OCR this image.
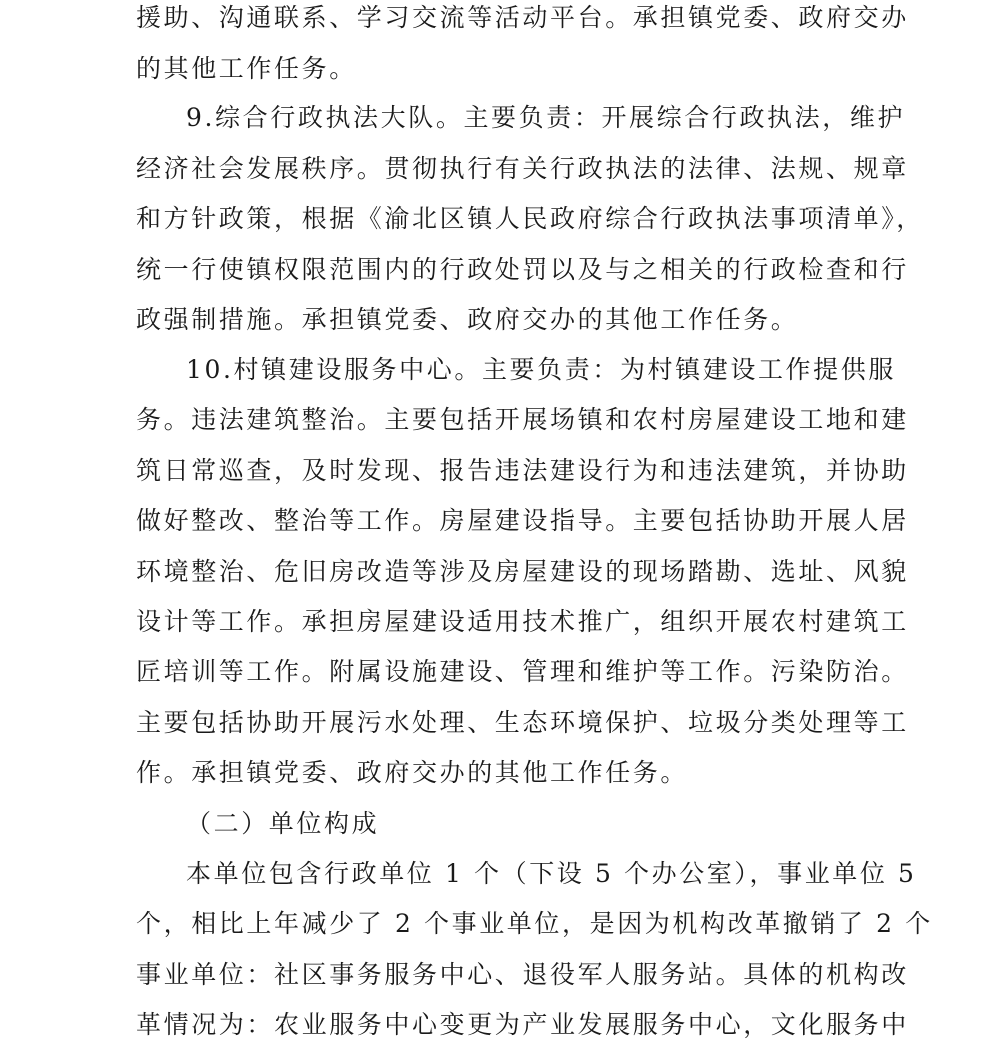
援助、沟通联系、学习交流等活动平台。承担镇党委、政府交办
的其他工作任务。
9.综合行政执法大队。主要负责：开展综合行政执法，维护
经济社会发展秩序。贯彻执行有关行政执法的法律、法规、规章
和方针政策，根据《渝北区镇人民政府综合行政执法事项清单》，
统一行使镇权限范围内的行政处罚以及与之相关的行政检查和行
政强制措施。承担镇党委、政府交办的其他工作任务。
10.村镇建设服务中心。主要负责：为村镇建设工作提供服
务。违法建筑整治。主要包括开展场镇和农村房屋建设工地和建
筑日常巡查，及时发现、报告违法建设行为和违法建筑，并协助
做好整改、整治等工作。房屋建设指导。主要包括协助开展人居
环境整治、危旧房改造等涉及房屋建设的现场踏勘、选址、风貌
设计等工作。承担房屋建设适用技术推广，组织开展农村建筑工
匠培训等工作。附属设施建设、管理和维护等工作。污染防治。
主要包括协助开展污水处理、生态环境保护、垃圾分类处理等工
作。承担镇党委、政府交办的其他工作任务。
（二）单位构成
本单位包含行政单位 1 个（下设 5 个办公室），事业单位 5
个，相比上年减少了 2 个事业单位，是因为机构改革撤销了 2 个
事业单位：社区事务服务中心、退役军人服务站。具体的机构改
革情况为：农业服务中心变更为产业发展服务中心，文化服务中
